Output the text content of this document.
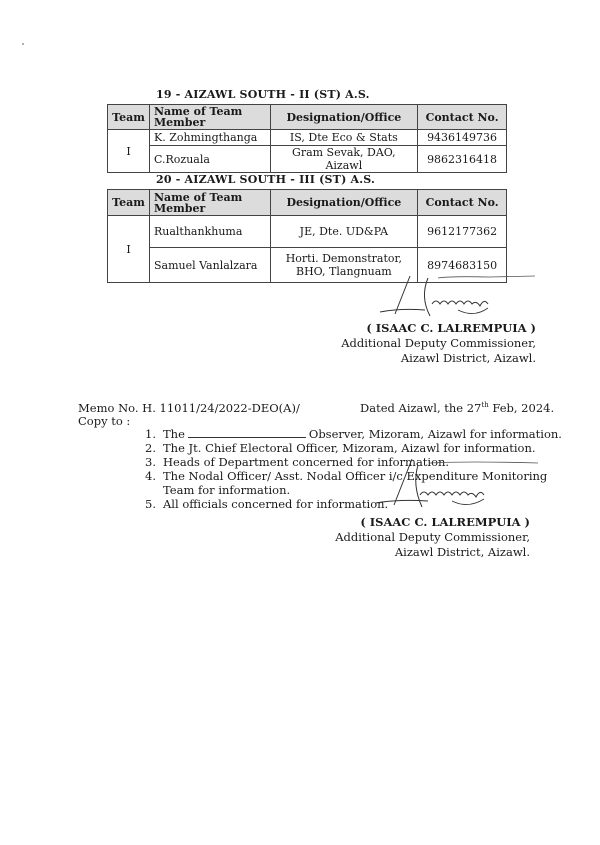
19 - AIZAWL SOUTH - II (ST) A.S.
Team	Name of Team Member	Designation/Office	Contact No.
I	K. Zohmingthanga	IS, Dte Eco & Stats	9436149736
	C.Rozuala	Gram Sevak, DAO, Aizawl	9862316418
20 - AIZAWL SOUTH - III (ST) A.S.
Team	Name of Team Member	Designation/Office	Contact No.
I	Rualthankhuma	JE, Dte. UD&PA	9612177362
	Samuel Vanlalzara	Horti. Demonstrator, BHO, Tlangnuam	8974683150
( ISAAC C. LALREMPUIA )
Additional Deputy Commissioner,
Aizawl District, Aizawl.
Memo No. H. 11011/24/2022-DEO(A)/	Dated Aizawl, the 27th Feb, 2024.
Copy to :
1. The	Observer, Mizoram, Aizawl for information.
2. The Jt. Chief Electoral Officer, Mizoram, Aizawl for information.
3. Heads of Department concerned for information.
4. The Nodal Officer/ Asst. Nodal Officer i/c Expenditure Monitoring Team for information.
5. All officials concerned for information.
( ISAAC C. LALREMPUIA )
Additional Deputy Commissioner,
Aizawl District, Aizawl.
